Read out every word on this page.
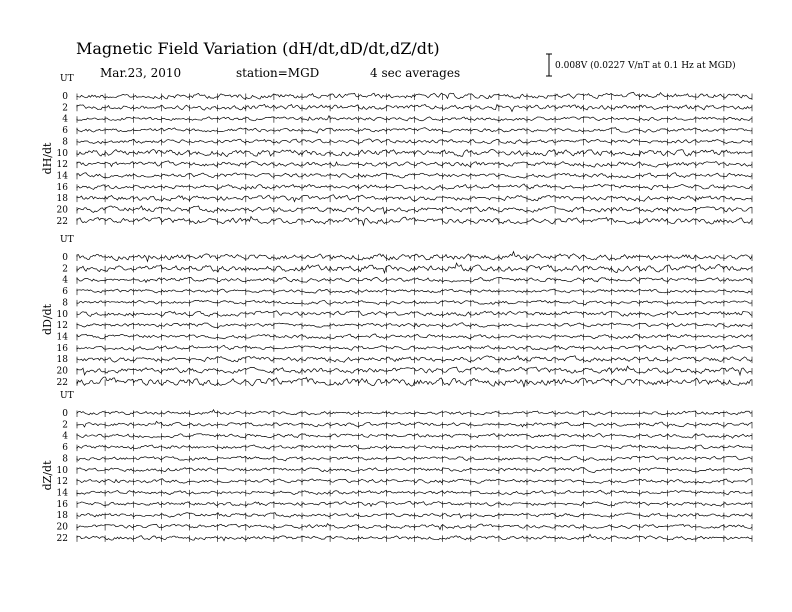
Magnetic Field Variation (dH/dt,dD/dt,dZ/dt)
Mar.23, 2010	station=MGD	4 sec averages	0.008V (0.0227 V/nT at 0.1 Hz at MGD)
UT
dH/dt
0
2
4
6
8
10
12
14
16
18
20
22
UT
dD/dt
0
2
4
6
8
10
12
14
16
18
20
22
UT
dZ/dt
0
2
4
6
8
10
12
14
16
18
20
22
